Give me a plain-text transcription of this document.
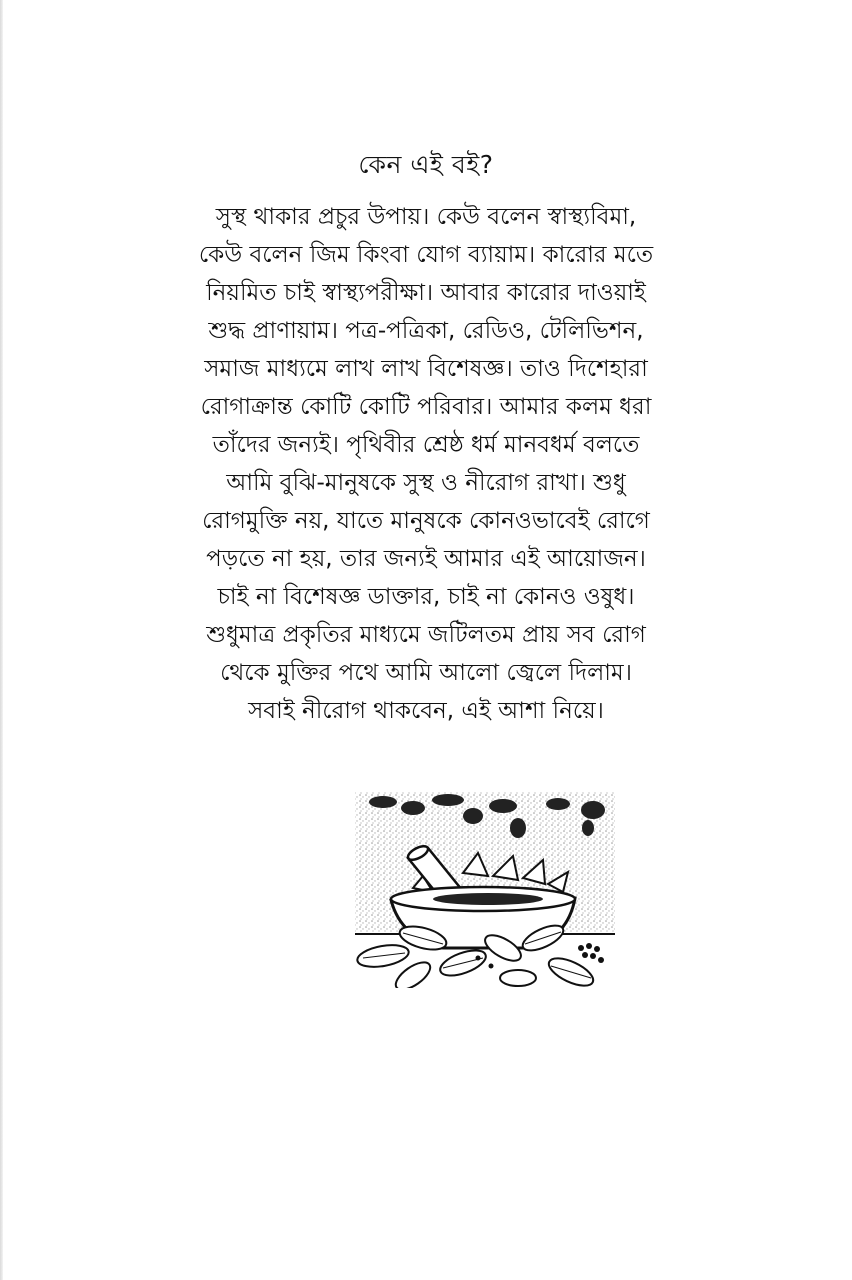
কেন এই বই?
সুস্থ থাকার প্রচুর উপায়। কেউ বলেন স্বাস্থ্যবিমা,
কেউ বলেন জিম কিংবা যোগ ব্যায়াম। কারোর মতে
নিয়মিত চাই স্বাস্থ্যপরীক্ষা। আবার কারোর দাওয়াই
শুদ্ধ প্রাণায়াম। পত্র-পত্রিকা, রেডিও, টেলিভিশন,
সমাজ মাধ্যমে লাখ লাখ বিশেষজ্ঞ। তাও দিশেহারা
রোগাক্রান্ত কোটি কোটি পরিবার। আমার কলম ধরা
তাঁদের জন্যই। পৃথিবীর শ্রেষ্ঠ ধর্ম মানবধর্ম বলতে
আমি বুঝি-মানুষকে সুস্থ ও নীরোগ রাখা। শুধু
রোগমুক্তি নয়, যাতে মানুষকে কোনওভাবেই রোগে
পড়তে না হয়, তার জন্যই আমার এই আয়োজন।
চাই না বিশেষজ্ঞ ডাক্তার, চাই না কোনও ওষুধ।
শুধুমাত্র প্রকৃতির মাধ্যমে জটিলতম প্রায় সব রোগ
থেকে মুক্তির পথে আমি আলো জ্বেলে দিলাম।
সবাই নীরোগ থাকবেন, এই আশা নিয়ে।
